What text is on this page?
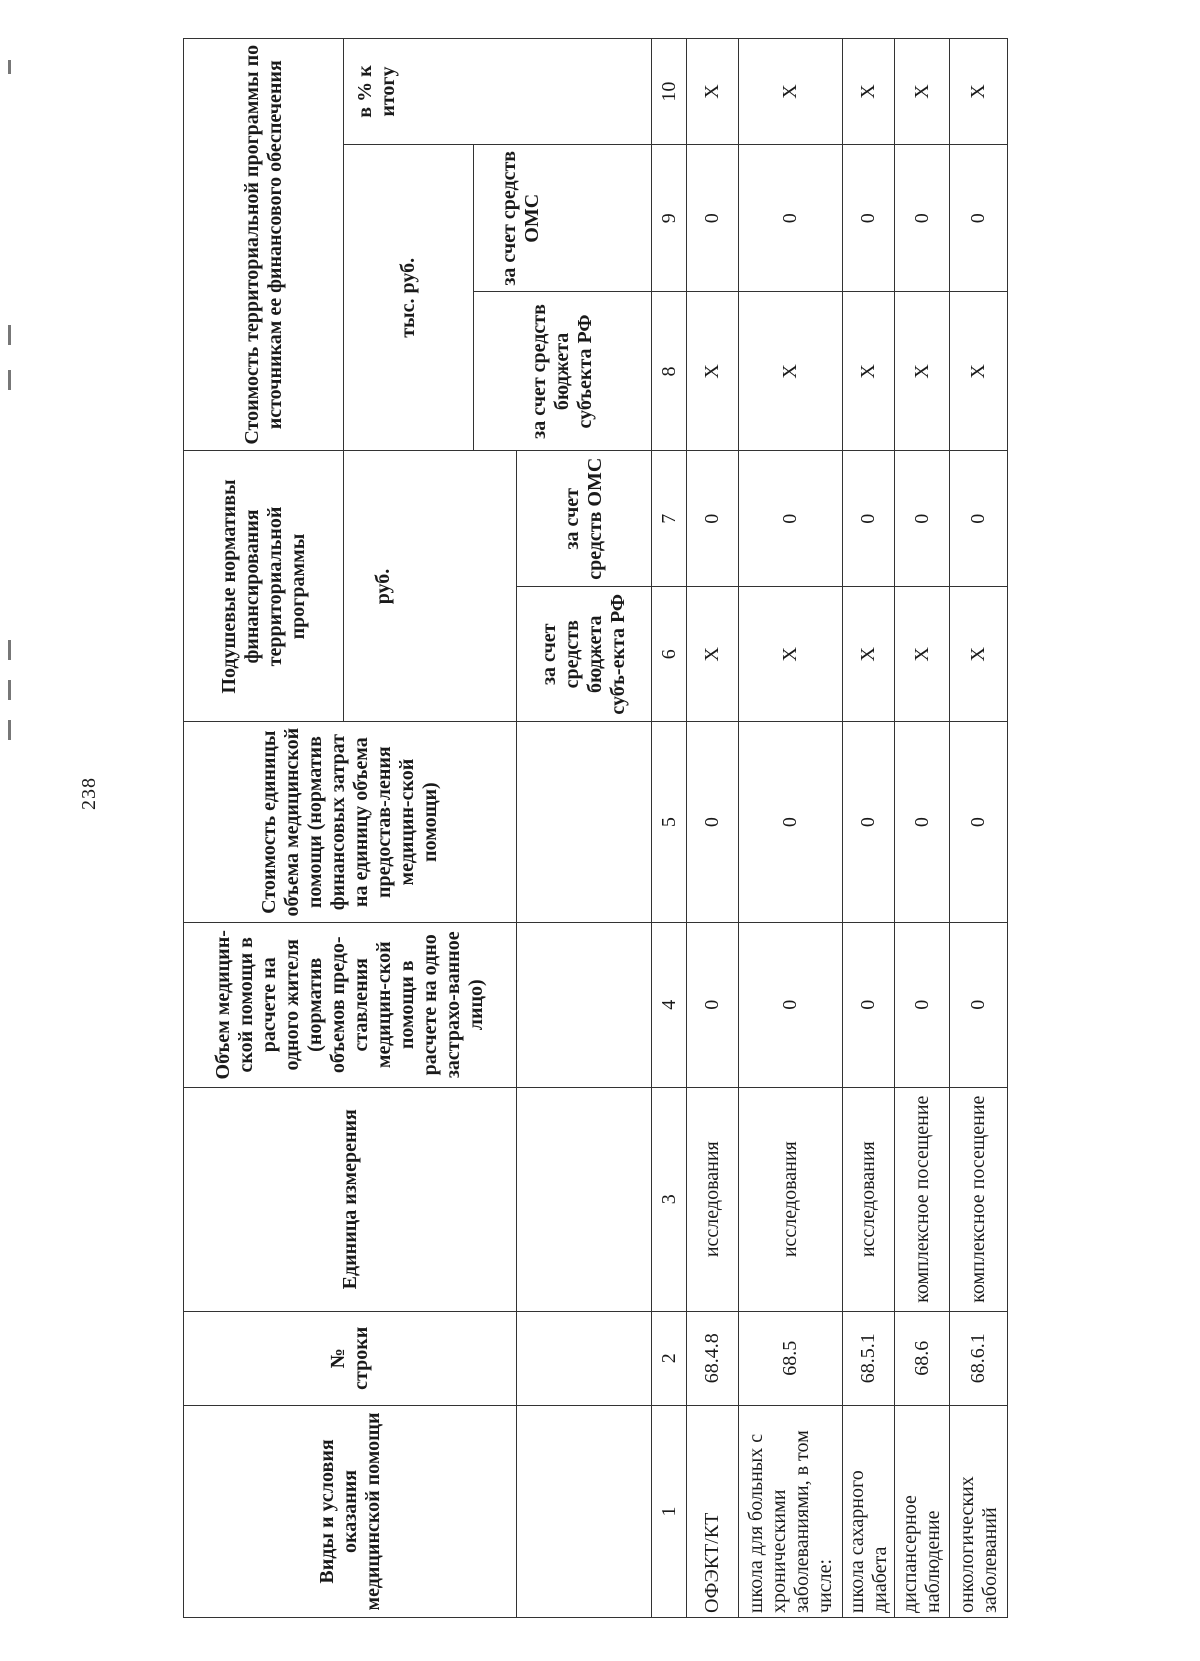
238
Виды и условия оказания медицинской помощи	№ строки	Единица измерения	Объем медицин-ской помощи в расчете на одного жителя (норматив объемов предо-ставления медицин-ской помощи в расчете на одно застрахо-ванное лицо)	Стоимость единицы объема медицинской помощи (норматив финансовых затрат на единицу объема предостав-ления медицин-ской помощи)	Подушевые нормативы финансирования территориальной программы		Стоимость территориальной программы по источникам ее финансового обеспечения		
					руб.		тыс. руб.		в % к итогу
							за счет средств бюджета субъекта РФ	за счет средств ОМС	
					за счет средств бюджета субъ-екта РФ	за счет средств ОМС			
1	2	3	4	5	6	7	8	9	10
ОФЭКТ/КТ	68.4.8	исследования	0	0	X	0	X	0	X
школа для больных с хроническими заболеваниями, в том числе:	68.5	исследования	0	0	X	0	X	0	X
школа сахарного диабета	68.5.1	исследования	0	0	X	0	X	0	X
диспансерное наблюдение	68.6	комплексное посещение	0	0	X	0	X	0	X
онкологических заболеваний	68.6.1	комплексное посещение	0	0	X	0	X	0	X
